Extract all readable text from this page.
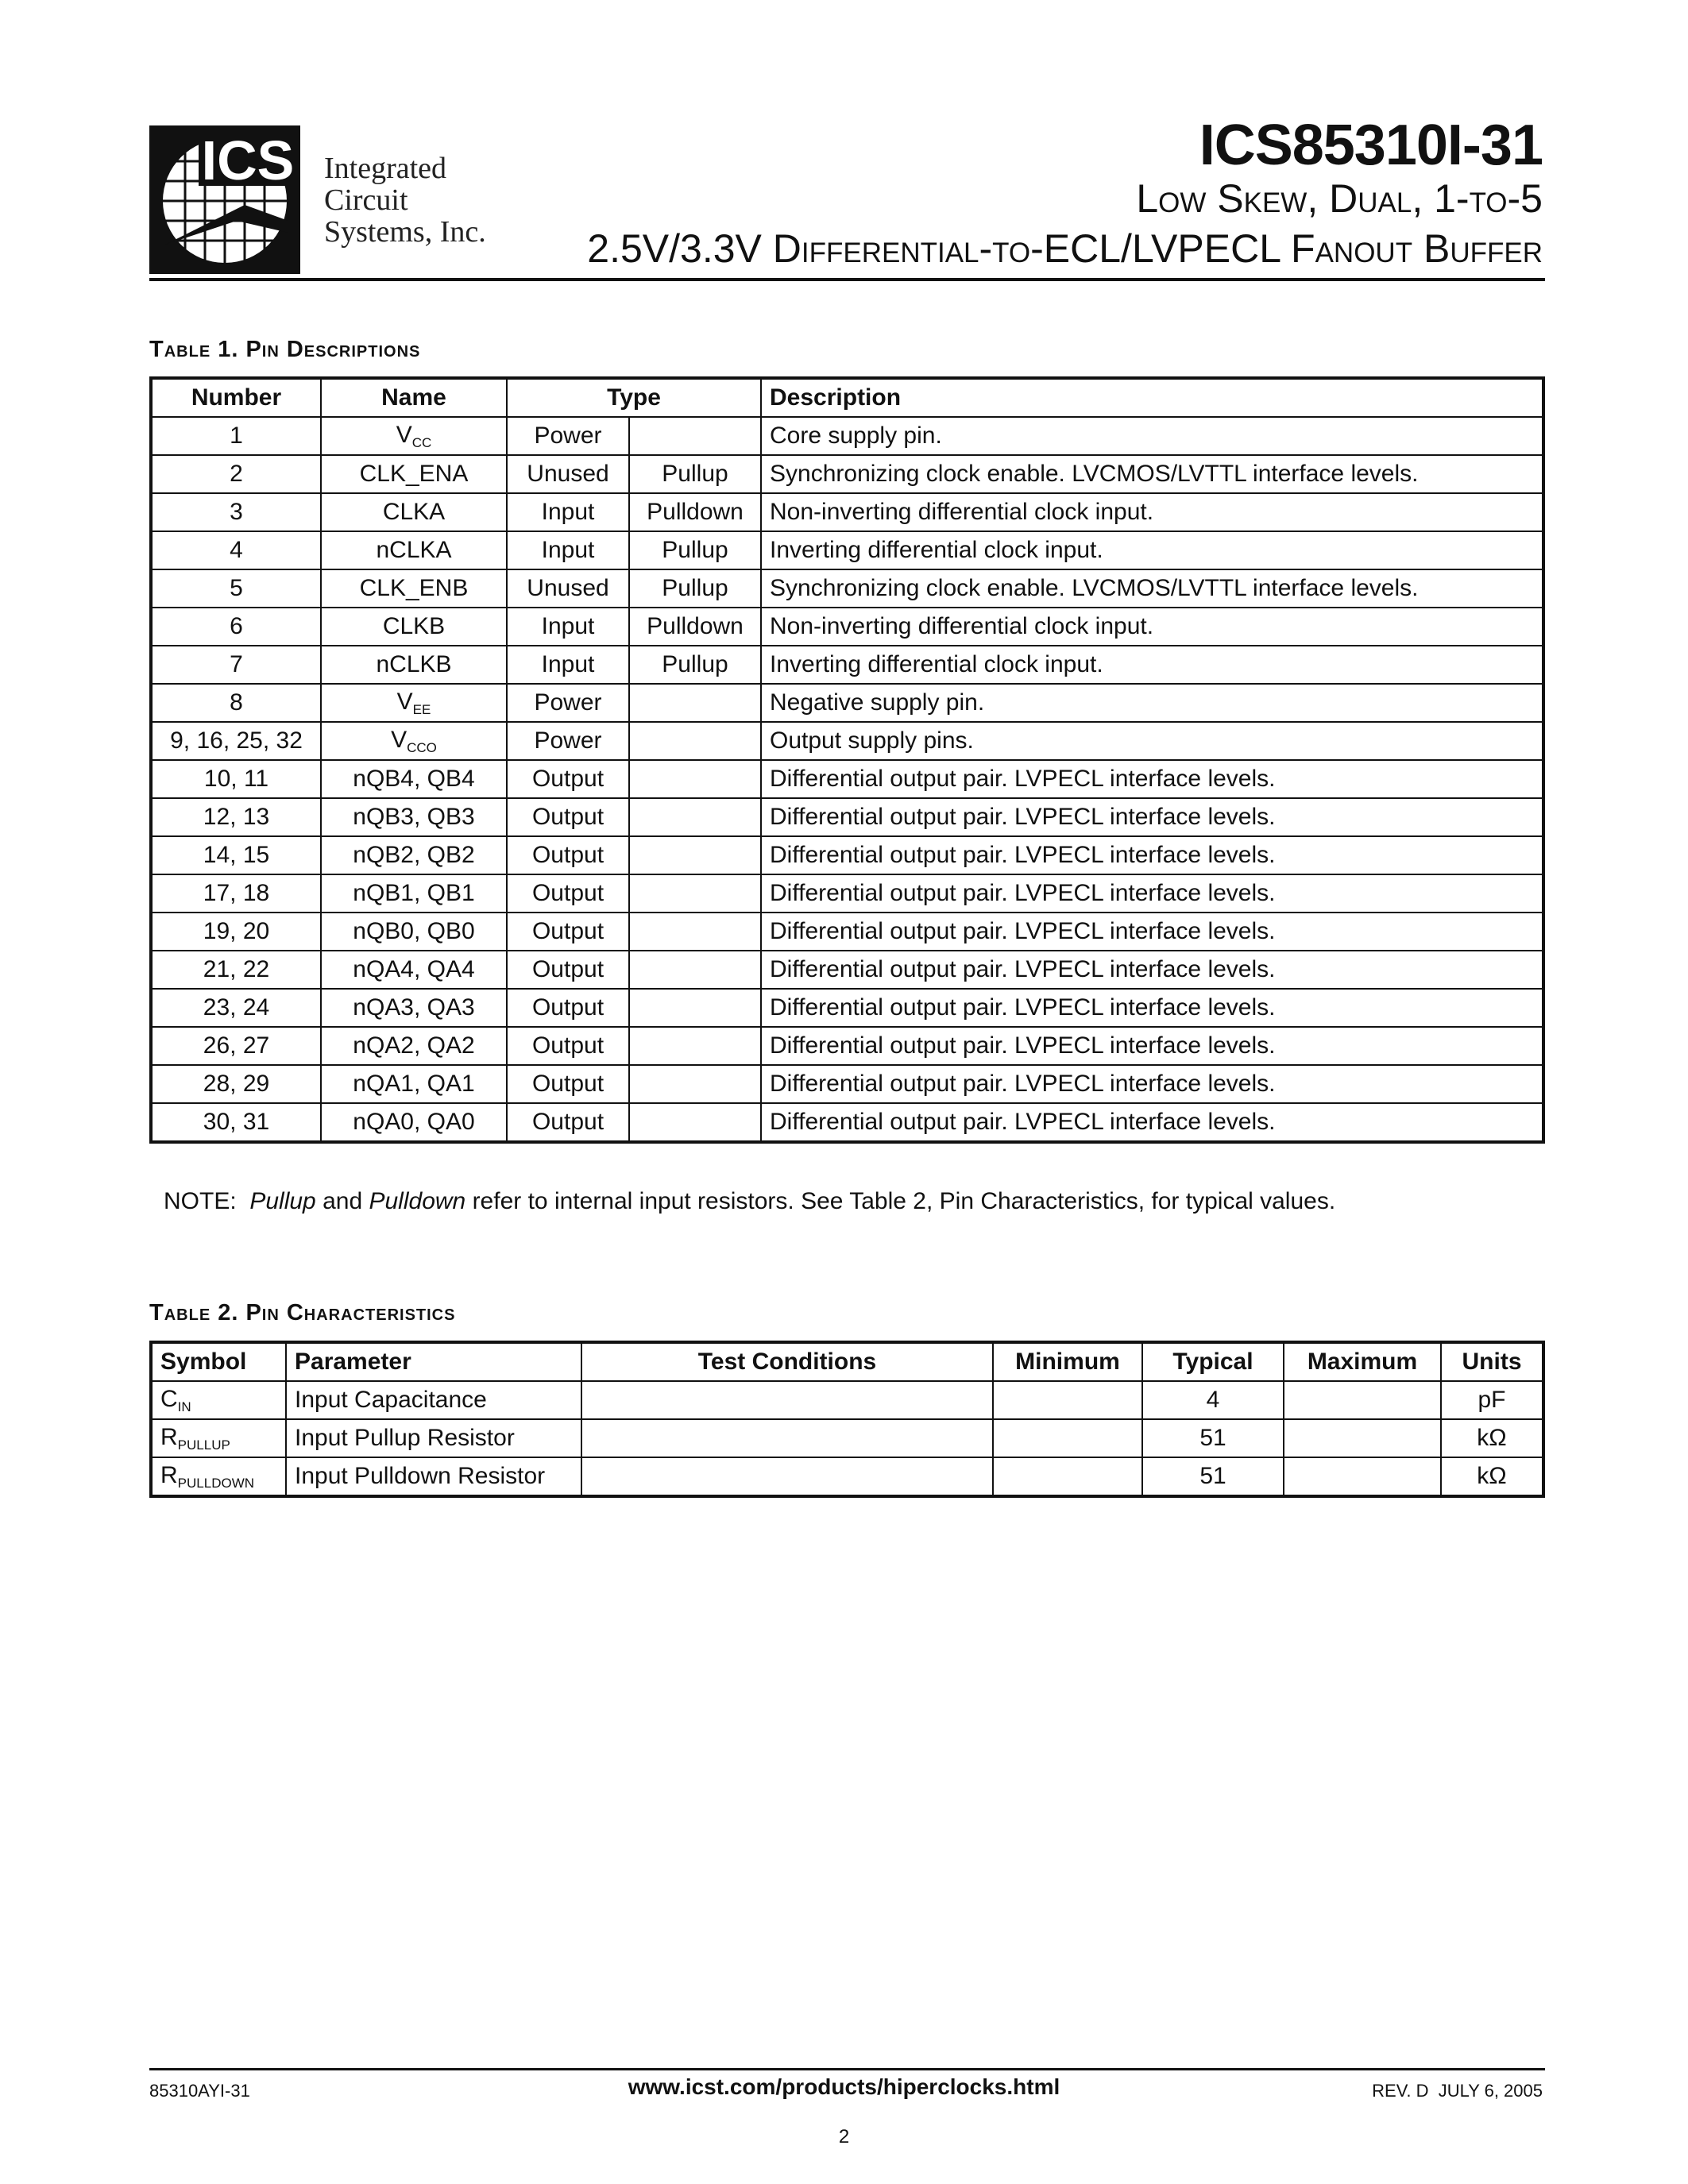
ICS Integrated
Circuit
Systems, Inc.
ICS85310I-31
Low Skew, Dual, 1-to-5
2.5V/3.3V Differential-to-ECL/LVPECL Fanout Buffer
Table 1. Pin Descriptions
Number	Name	Type		Description
1	$V_{CC}$	Power		Core supply pin.
2	CLK_ENA	Unused	Pullup	Synchronizing clock enable. LVCMOS/LVTTL interface levels.
3	CLKA	Input	Pulldown	Non-inverting differential clock input.
4	nCLKA	Input	Pullup	Inverting differential clock input.
5	CLK_ENB	Unused	Pullup	Synchronizing clock enable. LVCMOS/LVTTL interface levels.
6	CLKB	Input	Pulldown	Non-inverting differential clock input.
7	nCLKB	Input	Pullup	Inverting differential clock input.
8	$V_{EE}$	Power		Negative supply pin.
9, 16, 25, 32	$V_{CCO}$	Power		Output supply pins.
10, 11	nQB4, QB4	Output		Differential output pair. LVPECL interface levels.
12, 13	nQB3, QB3	Output		Differential output pair. LVPECL interface levels.
14, 15	nQB2, QB2	Output		Differential output pair. LVPECL interface levels.
17, 18	nQB1, QB1	Output		Differential output pair. LVPECL interface levels.
19, 20	nQB0, QB0	Output		Differential output pair. LVPECL interface levels.
21, 22	nQA4, QA4	Output		Differential output pair. LVPECL interface levels.
23, 24	nQA3, QA3	Output		Differential output pair. LVPECL interface levels.
26, 27	nQA2, QA2	Output		Differential output pair. LVPECL interface levels.
28, 29	nQA1, QA1	Output		Differential output pair. LVPECL interface levels.
30, 31	nQA0, QA0	Output		Differential output pair. LVPECL interface levels.
NOTE:  Pullup and Pulldown refer to internal input resistors. See Table 2, Pin Characteristics, for typical values.
Table 2. Pin Characteristics
Symbol	Parameter	Test Conditions	Minimum	Typical	Maximum	Units
$C_{IN}$	Input Capacitance			4		pF
$R_{PULLUP}$	Input Pullup Resistor			51		kΩ
$R_{PULLDOWN}$	Input Pulldown Resistor			51		kΩ
85310AYI-31	www.icst.com/products/hiperclocks.html	REV. D  JULY 6, 2005
2
